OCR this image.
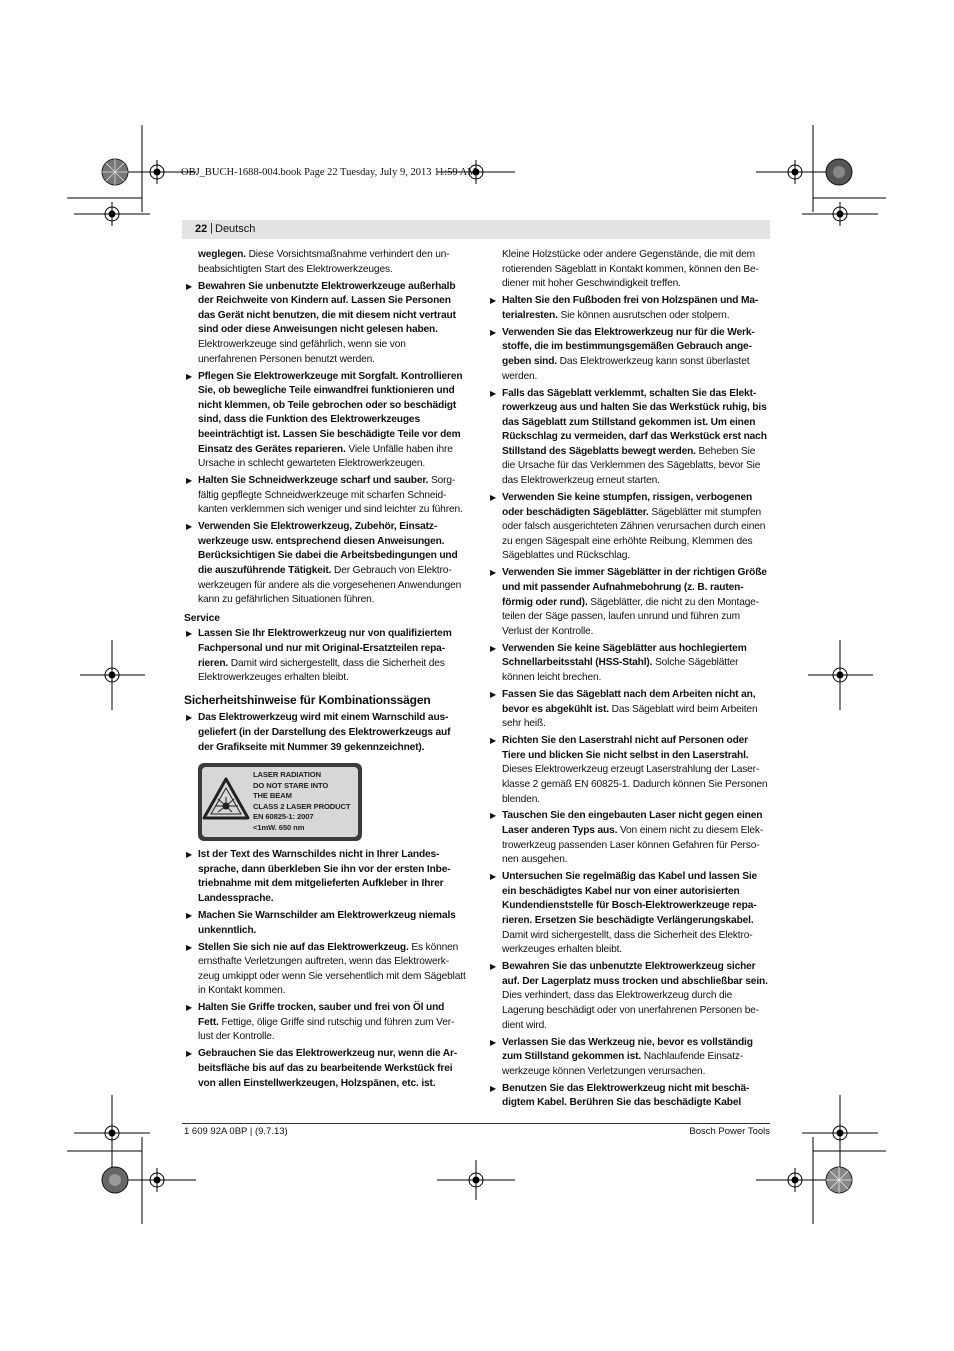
OBJ_BUCH-1688-004.book Page 22 Tuesday, July 9, 2013 11:59 AM
22 | Deutsch

weglegen. Diese Vorsichtsmaßnahme verhindert den unbeabsichtigten Start des Elektrowerkzeuges.

▶ Bewahren Sie unbenutzte Elektrowerkzeuge außerhalb der Reichweite von Kindern auf. Lassen Sie Personen das Gerät nicht benutzen, die mit diesem nicht vertraut sind oder diese Anweisungen nicht gelesen haben. Elektrowerkzeuge sind gefährlich, wenn sie von unerfahrenen Personen benutzt werden.
▶ Pflegen Sie Elektrowerkzeuge mit Sorgfalt. Kontrollieren Sie, ob bewegliche Teile einwandfrei funktionieren und nicht klemmen, ob Teile gebrochen oder so beschädigt sind, dass die Funktion des Elektrowerkzeuges beeinträchtigt ist. Lassen Sie beschädigte Teile vor dem Einsatz des Gerätes reparieren. Viele Unfälle haben ihre Ursache in schlecht gewarteten Elektrowerkzeugen.
▶ Halten Sie Schneidwerkzeuge scharf und sauber. Sorgfältig gepflegte Schneidwerkzeuge mit scharfen Schneidkanten verklemmen sich weniger und sind leichter zu führen.
▶ Verwenden Sie Elektrowerkzeug, Zubehör, Einsatzwerkzeuge usw. entsprechend diesen Anweisungen. Berücksichtigen Sie dabei die Arbeitsbedingungen und die auszuführende Tätigkeit. Der Gebrauch von Elektrowerkzeugen für andere als die vorgesehenen Anwendungen kann zu gefährlichen Situationen führen.
Service
▶ Lassen Sie Ihr Elektrowerkzeug nur von qualifiziertem Fachpersonal und nur mit Original-Ersatzteilen reparieren. Damit wird sichergestellt, dass die Sicherheit des Elektrowerkzeuges erhalten bleibt.
Sicherheitshinweise für Kombinationssägen
▶ Das Elektrowerkzeug wird mit einem Warnschild ausgeliefert (in der Darstellung des Elektrowerkzeugs auf der Grafikseite mit Nummer 39 gekennzeichnet).
LASER RADIATION
DO NOT STARE INTO
THE BEAM
CLASS 2 LASER PRODUCT
EN 60825-1: 2007
<1mW. 650 nm
▶ Ist der Text des Warnschildes nicht in Ihrer Landessprache, dann überkleben Sie ihn vor der ersten Inbetriebnahme mit dem mitgelieferten Aufkleber in Ihrer Landessprache.
▶ Machen Sie Warnschilder am Elektrowerkzeug niemals unkenntlich.
▶ Stellen Sie sich nie auf das Elektrowerkzeug. Es können ernsthafte Verletzungen auftreten, wenn das Elektrowerkzeug umkippt oder wenn Sie versehentlich mit dem Sägeblatt in Kontakt kommen.
▶ Halten Sie Griffe trocken, sauber und frei von Öl und Fett. Fettige, ölige Griffe sind rutschig und führen zum Verlust der Kontrolle.
▶ Gebrauchen Sie das Elektrowerkzeug nur, wenn die Arbeitsfläche bis auf das zu bearbeitende Werkstück frei von allen Einstellwerkzeugen, Holzspänen, etc. ist.

Kleine Holzstücke oder andere Gegenstände, die mit dem rotierenden Sägeblatt in Kontakt kommen, können den Bediener mit hoher Geschwindigkeit treffen.

▶ Halten Sie den Fußboden frei von Holzspänen und Materialresten. Sie können ausrutschen oder stolpern.
▶ Verwenden Sie das Elektrowerkzeug nur für die Werkstoffe, die im bestimmungsgemäßen Gebrauch angegeben sind. Das Elektrowerkzeug kann sonst überlastet werden.
▶ Falls das Sägeblatt verklemmt, schalten Sie das Elektrowerkzeug aus und halten Sie das Werkstück ruhig, bis das Sägeblatt zum Stillstand gekommen ist. Um einen Rückschlag zu vermeiden, darf das Werkstück erst nach Stillstand des Sägeblatts bewegt werden. Beheben Sie die Ursache für das Verklemmen des Sägeblatts, bevor Sie das Elektrowerkzeug erneut starten.
▶ Verwenden Sie keine stumpfen, rissigen, verbogenen oder beschädigten Sägeblätter. Sägeblätter mit stumpfen oder falsch ausgerichteten Zähnen verursachen durch einen zu engen Sägespalt eine erhöhte Reibung, Klemmen des Sägeblattes und Rückschlag.
▶ Verwenden Sie immer Sägeblätter in der richtigen Größe und mit passender Aufnahmebohrung (z. B. rautenförmig oder rund). Sägeblätter, die nicht zu den Montageteilen der Säge passen, laufen unrund und führen zum Verlust der Kontrolle.
▶ Verwenden Sie keine Sägeblätter aus hochlegiertem Schnellarbeitsstahl (HSS-Stahl). Solche Sägeblätter können leicht brechen.
▶ Fassen Sie das Sägeblatt nach dem Arbeiten nicht an, bevor es abgekühlt ist. Das Sägeblatt wird beim Arbeiten sehr heiß.
▶ Richten Sie den Laserstrahl nicht auf Personen oder Tiere und blicken Sie nicht selbst in den Laserstrahl. Dieses Elektrowerkzeug erzeugt Laserstrahlung der Laserklasse 2 gemäß EN 60825-1. Dadurch können Sie Personen blenden.
▶ Tauschen Sie den eingebauten Laser nicht gegen einen Laser anderen Typs aus. Von einem nicht zu diesem Elektrowerkzeug passenden Laser können Gefahren für Personen ausgehen.
▶ Untersuchen Sie regelmäßig das Kabel und lassen Sie ein beschädigtes Kabel nur von einer autorisierten Kundendienststelle für Bosch-Elektrowerkzeuge reparieren. Ersetzen Sie beschädigte Verlängerungskabel. Damit wird sichergestellt, dass die Sicherheit des Elektrowerkzeuges erhalten bleibt.
▶ Bewahren Sie das unbenutzte Elektrowerkzeug sicher auf. Der Lagerplatz muss trocken und abschließbar sein. Dies verhindert, dass das Elektrowerkzeug durch die Lagerung beschädigt oder von unerfahrenen Personen bedient wird.
▶ Verlassen Sie das Werkzeug nie, bevor es vollständig zum Stillstand gekommen ist. Nachlaufende Einsatzwerkzeuge können Verletzungen verursachen.
▶ Benutzen Sie das Elektrowerkzeug nicht mit beschädigtem Kabel. Berühren Sie das beschädigte Kabel
1 609 92A 0BP | (9.7.13)	Bosch Power Tools
